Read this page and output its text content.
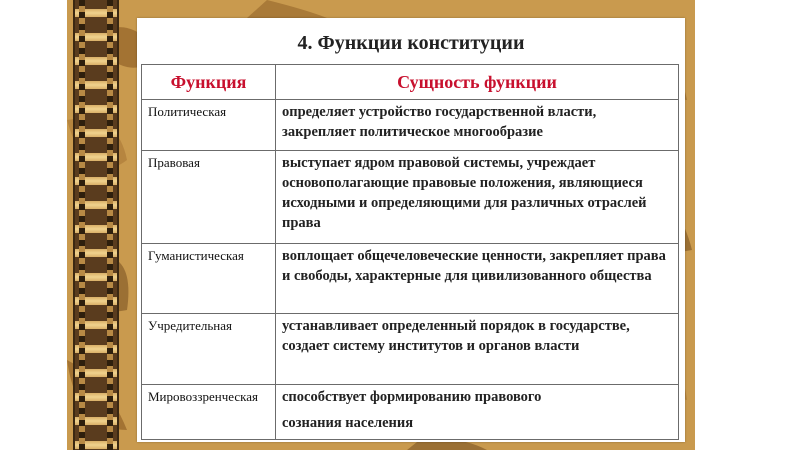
4. Функции конституции
Функция	Сущность функции
Политическая	определяет устройство государственной власти, закрепляет политическое многообразие
Правовая	выступает ядром правовой системы, учреждает основополагающие правовые положения, являющиеся исходными и определяющими для различных отраслей права
Гуманистическая	воплощает общечеловеческие ценности, закрепляет права и свободы, характерные для цивилизованного общества
Учредительная	устанавливает определенный порядок в государстве, создает систему институтов и органов власти
Мировоззренческая	способствует формированию правового
сознания населения
